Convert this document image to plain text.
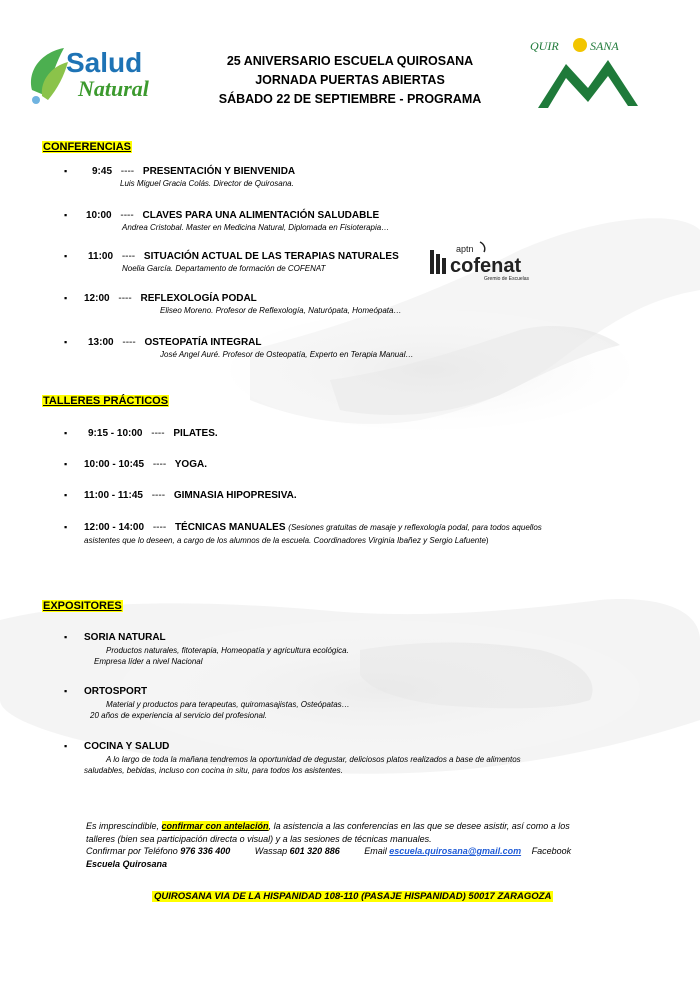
Salud
Natural
QUIR	SANA
25 ANIVERSARIO ESCUELA QUIROSANA
JORNADA PUERTAS ABIERTAS
SÁBADO 22 DE SEPTIEMBRE - PROGRAMA
CONFERENCIAS
▪	9:45 ---- PRESENTACIÓN Y BIENVENIDA
Luis Miguel Gracia Colás. Director de Quirosana.
▪	10:00 ---- CLAVES PARA UNA ALIMENTACIÓN SALUDABLE
Andrea Cristobal. Master en Medicina Natural, Diplomada en Fisioterapia…
▪	11:00 ---- SITUACIÓN ACTUAL DE LAS TERAPIAS NATURALES
Noelia García. Departamento de formación de COFENAT
aptn
cofenat
Gremio de Escuelas
▪	12:00 ---- REFLEXOLOGÍA PODAL
Eliseo Moreno. Profesor de Reflexología, Naturópata, Homeópata…
▪	13:00 ---- OSTEOPATÍA INTEGRAL
José Angel Auré. Profesor de Osteopatía, Experto en Terapia Manual…
TALLERES PRÁCTICOS
▪	9:15 - 10:00 ---- PILATES.
▪	10:00 - 10:45 ---- YOGA.
▪	11:00 - 11:45 ---- GIMNASIA HIPOPRESIVA.
▪	12:00 - 14:00 ---- TÉCNICAS MANUALES (Sesiones gratuitas de masaje y reflexología podal, para todos aquellos
asistentes que lo deseen, a cargo de los alumnos de la escuela. Coordinadores Virginia Ibañez y Sergio Lafuente)
EXPOSITORES
▪	SORIA NATURAL
Productos naturales, fitoterapia, Homeopatía y agricultura ecológica.
Empresa líder a nivel Nacional
▪	ORTOSPORT
Material y productos para terapeutas, quiromasajistas, Osteópatas…
20 años de experiencia al servicio del profesional.
▪	COCINA Y SALUD
A lo largo de toda la mañana tendremos la oportunidad de degustar, deliciosos platos realizados a base de alimentos
saludables, bebidas, incluso con cocina in situ, para todos los asistentes.
Es imprescindible, confirmar con antelación, la asistencia a las conferencias en las que se desee asistir, así como a los
talleres (bien sea participación directa o visual) y a las sesiones de técnicas manuales.
Confirmar por Teléfono 976 336 400	Wassap 601 320 886	Email escuela.quirosana@gmail.com Facebook
Escuela Quirosana
QUIROSANA VIA DE LA HISPANIDAD 108-110 (PASAJE HISPANIDAD) 50017 ZARAGOZA
